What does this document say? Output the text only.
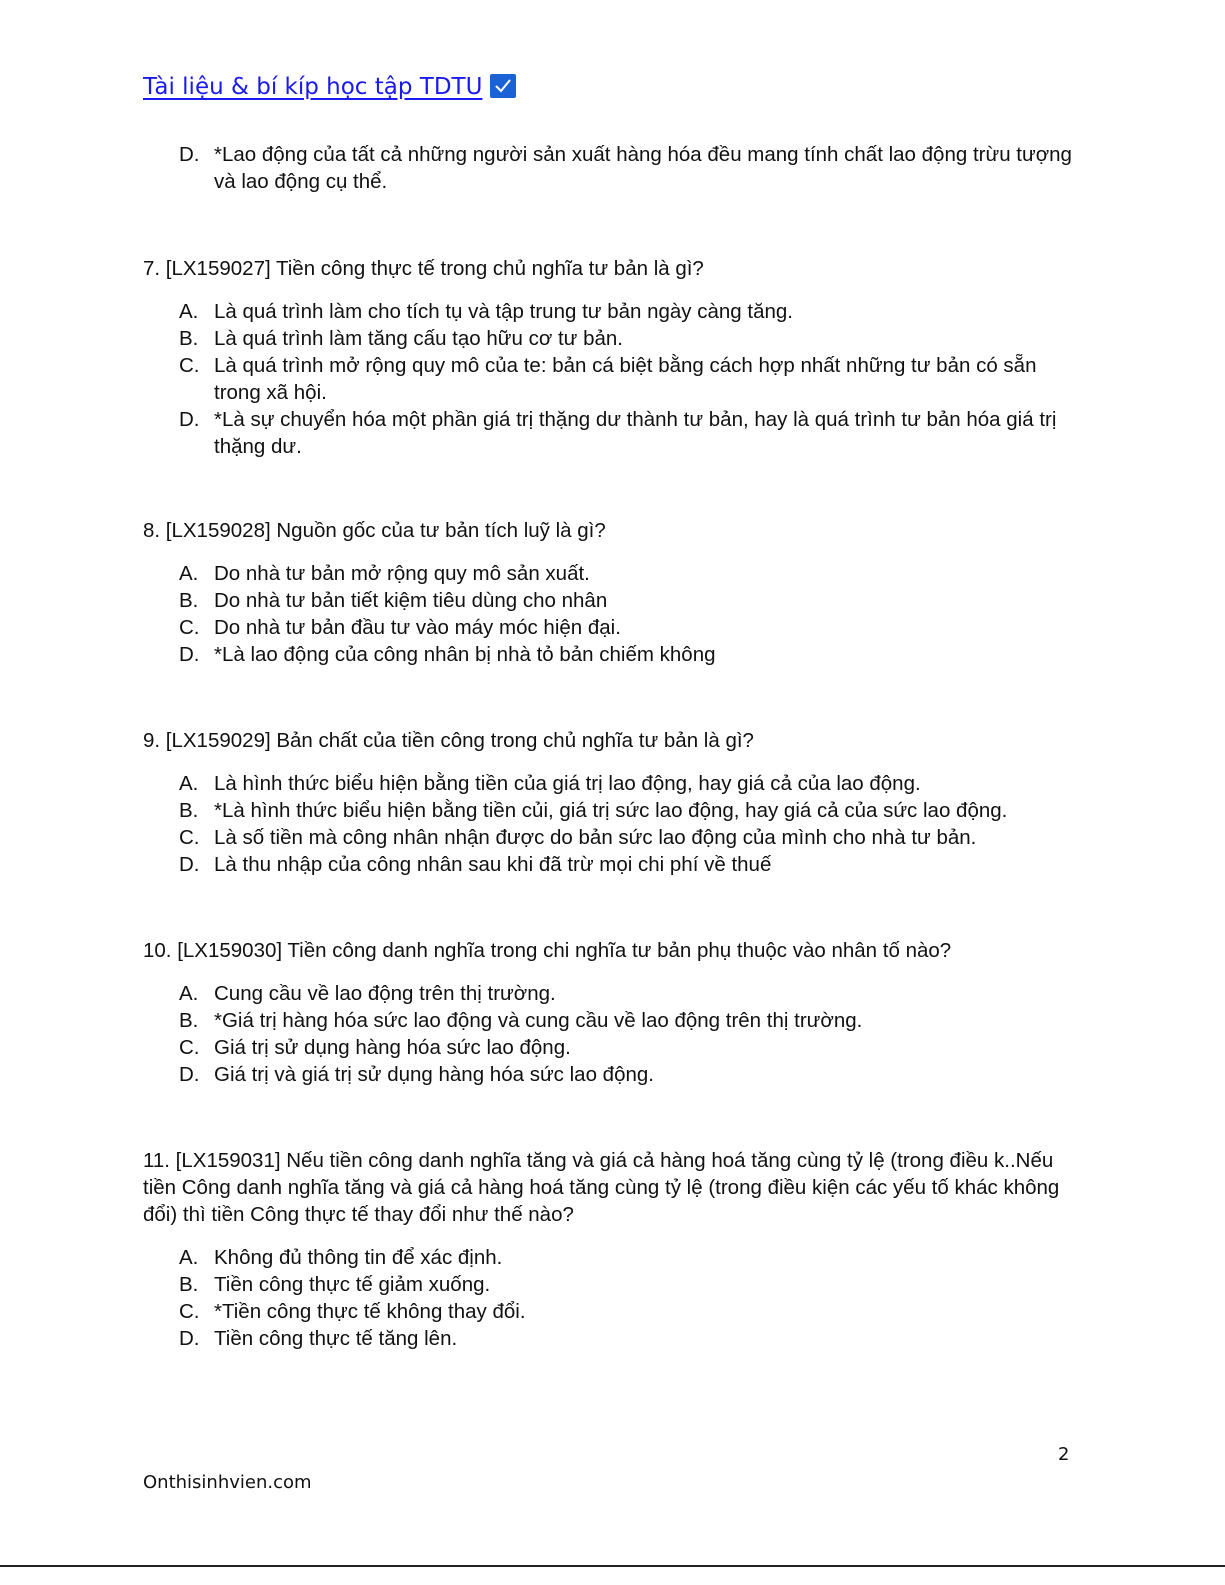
Tài liệu & bí kíp học tập TDTU
D. *Lao động của tất cả những người sản xuất hàng hóa đều mang tính chất lao động trừu tượng và lao động cụ thể.

7. [LX159027] Tiền công thực tế trong chủ nghĩa tư bản là gì?

A. Là quá trình làm cho tích tụ và tập trung tư bản ngày càng tăng.
B. Là quá trình làm tăng cấu tạo hữu cơ tư bản.
C. Là quá trình mở rộng quy mô của te: bản cá biệt bằng cách hợp nhất những tư bản có sẵn trong xã hội.
D. *Là sự chuyển hóa một phần giá trị thặng dư thành tư bản, hay là quá trình tư bản hóa giá trị thặng dư.

8. [LX159028] Nguồn gốc của tư bản tích luỹ là gì?

A. Do nhà tư bản mở rộng quy mô sản xuất.
B. Do nhà tư bản tiết kiệm tiêu dùng cho nhân
C. Do nhà tư bản đầu tư vào máy móc hiện đại.
D. *Là lao động của công nhân bị nhà tỏ bản chiếm không

9. [LX159029] Bản chất của tiền công trong chủ nghĩa tư bản là gì?

A. Là hình thức biểu hiện bằng tiền của giá trị lao động, hay giá cả của lao động.
B. *Là hình thức biểu hiện bằng tiền củi, giá trị sức lao động, hay giá cả của sức lao động.
C. Là số tiền mà công nhân nhận được do bản sức lao động của mình cho nhà tư bản.
D. Là thu nhập của công nhân sau khi đã trừ mọi chi phí về thuế

10. [LX159030] Tiền công danh nghĩa trong chi nghĩa tư bản phụ thuộc vào nhân tố nào?

A. Cung cầu về lao động trên thị trường.
B. *Giá trị hàng hóa sức lao động và cung cầu về lao động trên thị trường.
C. Giá trị sử dụng hàng hóa sức lao động.
D. Giá trị và giá trị sử dụng hàng hóa sức lao động.

11. [LX159031] Nếu tiền công danh nghĩa tăng và giá cả hàng hoá tăng cùng tỷ lệ (trong điều k..Nếu tiền Công danh nghĩa tăng và giá cả hàng hoá tăng cùng tỷ lệ (trong điều kiện các yếu tố khác không đổi) thì tiền Công thực tế thay đổi như thế nào?

A. Không đủ thông tin để xác định.
B. Tiền công thực tế giảm xuống.
C. *Tiền công thực tế không thay đổi.
D. Tiền công thực tế tăng lên.
2
Onthisinhvien.com
